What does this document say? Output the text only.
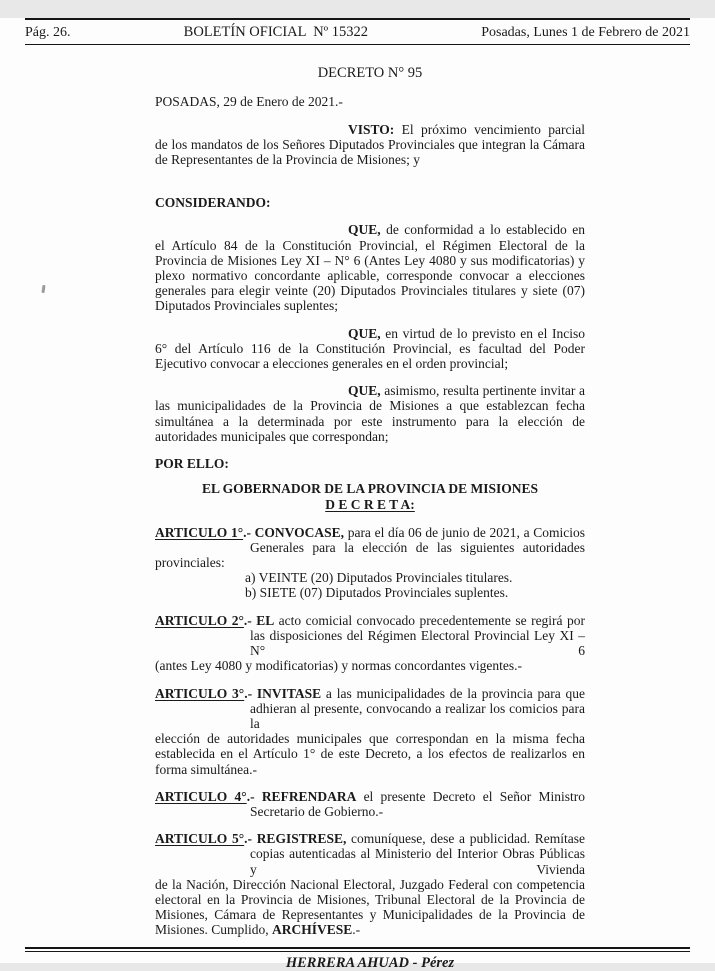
Pág. 26.	BOLETÍN OFICIAL  Nº 15322	Posadas, Lunes 1 de Febrero de 2021
DECRETO N° 95
POSADAS, 29 de Enero de 2021.-

VISTO: El próximo vencimiento parcial de los mandatos de los Señores Diputados Provinciales que integran la Cámara de Representantes de la Provincia de Misiones; y

CONSIDERANDO:

QUE, de conformidad a lo establecido en el Artículo 84 de la Constitución Provincial, el Régimen Electoral de la Provincia de Misiones Ley XI – N° 6 (Antes Ley 4080 y sus modificatorias) y plexo normativo concordante aplicable, corresponde convocar a elecciones generales para elegir veinte (20) Diputados Provinciales titulares y siete (07) Diputados Provinciales suplentes;

QUE, en virtud de lo previsto en el Inciso 6° del Artículo 116 de la Constitución Provincial, es facultad del Poder Ejecutivo convocar a elecciones generales en el orden provincial;

QUE, asimismo, resulta pertinente invitar a las municipalidades de la Provincia de Misiones a que establezcan fecha simultánea a la determinada por este instrumento para la elección de autoridades municipales que correspondan;

POR ELLO:
EL GOBERNADOR DE LA PROVINCIA DE MISIONES
D E C R E T A:
ARTICULO 1°.- CONVOCASE, para el día 06 de junio de 2021, a Comicios Generales para la elección de las siguientes autoridades
provinciales:
a) VEINTE (20) Diputados Provinciales titulares.
b) SIETE (07) Diputados Provinciales suplentes.
ARTICULO 2°.- EL acto comicial convocado precedentemente se regirá por las disposiciones del Régimen Electoral Provincial Ley XI – N° 6
(antes Ley 4080 y modificatorias) y normas concordantes vigentes.-
ARTICULO 3°.- INVITASE a las municipalidades de la provincia para que adhieran al presente, convocando a realizar los comicios para la
elección de autoridades municipales que correspondan en la misma fecha establecida en el Artículo 1° de este Decreto, a los efectos de realizarlos en forma simultánea.-
ARTICULO 4°.- REFRENDARA el presente Decreto el Señor Ministro Secretario de Gobierno.-
ARTICULO 5°.- REGISTRESE, comuníquese, dese a publicidad. Remítase copias autenticadas al Ministerio del Interior Obras Públicas y Vivienda
de la Nación, Dirección Nacional Electoral, Juzgado Federal con competencia electoral en la Provincia de Misiones, Tribunal Electoral de la Provincia de Misiones, Cámara de Representantes y Municipalidades de la Provincia de Misiones. Cumplido, ARCHÍVESE.-
HERRERA AHUAD - Pérez
